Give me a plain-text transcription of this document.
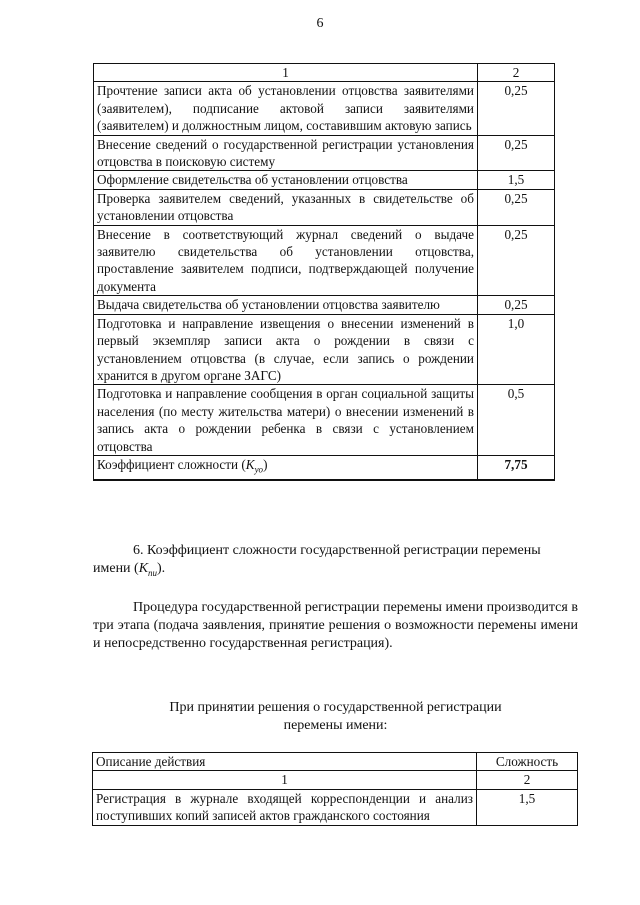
6
1	2
Прочтение записи акта об установлении отцовства заявителями (заявителем), подписание актовой записи заявителями (заявителем) и должностным лицом, составившим актовую запись	0,25
Внесение сведений о государственной регистрации установления отцовства в поисковую систему	0,25
Оформление свидетельства об установлении отцовства	1,5
Проверка заявителем сведений, указанных в свидетельстве об установлении отцовства	0,25
Внесение в соответствующий журнал сведений о выдаче заявителю свидетельства об установлении отцовства, проставление заявителем подписи, подтверждающей получение документа	0,25
Выдача свидетельства об установлении отцовства заявителю	0,25
Подготовка и направление извещения о внесении изменений в первый экземпляр записи акта о рождении в связи с установлением отцовства (в случае, если запись о рождении хранится в другом органе ЗАГС)	1,0
Подготовка и направление сообщения в орган социальной защиты населения (по месту жительства матери) о внесении изменений в запись акта о рождении ребенка в связи с установлением отцовства	0,5
Коэффициент сложности $(К_{уо})$	7,75
6. Коэффициент сложности государственной регистрации перемены
имени $(К_{пи})$.
Процедура государственной регистрации перемены имени производится в три этапа (подача заявления, принятие решения о возможности перемены имени и непосредственно государственная регистрация).
При принятии решения о государственной регистрации
перемены имени:
Описание действия	Сложность
1	2
Регистрация в журнале входящей корреспонденции и анализ поступивших копий записей актов гражданского состояния	1,5
